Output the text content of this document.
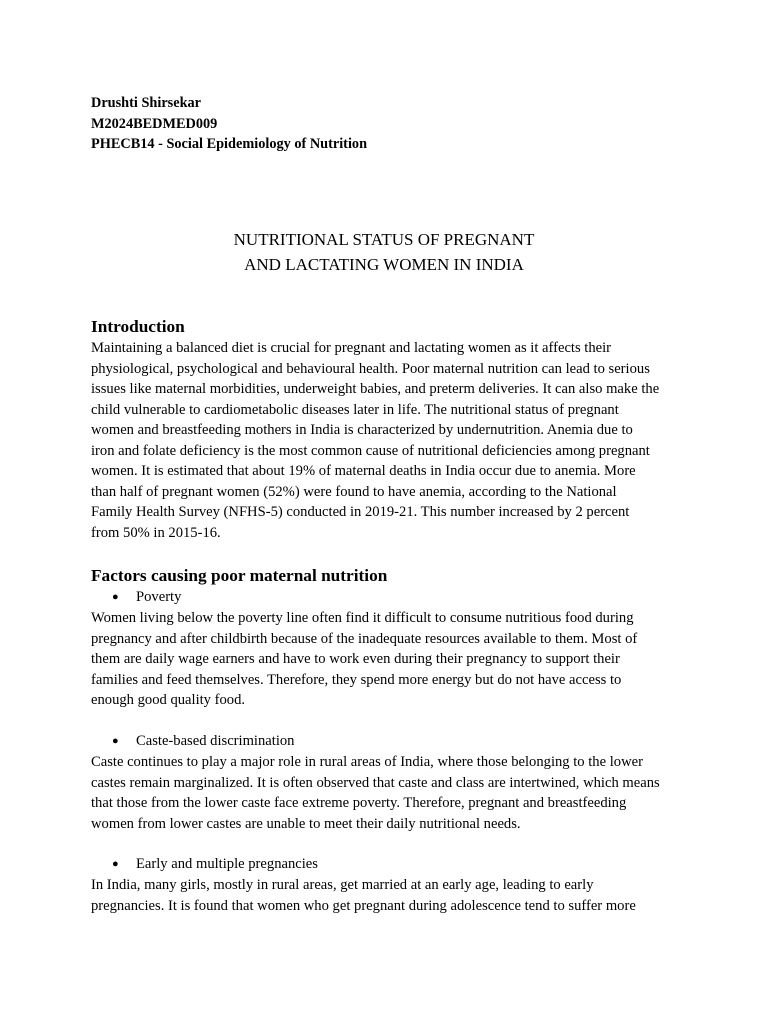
Drushti Shirsekar
M2024BEDMED009
PHECB14 - Social Epidemiology of Nutrition
NUTRITIONAL STATUS OF PREGNANT
AND LACTATING WOMEN IN INDIA
Introduction
Maintaining a balanced diet is crucial for pregnant and lactating women as it affects their
physiological, psychological and behavioural health. Poor maternal nutrition can lead to serious
issues like maternal morbidities, underweight babies, and preterm deliveries. It can also make the
child vulnerable to cardiometabolic diseases later in life. The nutritional status of pregnant
women and breastfeeding mothers in India is characterized by undernutrition. Anemia due to
iron and folate deficiency is the most common cause of nutritional deficiencies among pregnant
women. It is estimated that about 19% of maternal deaths in India occur due to anemia. More
than half of pregnant women (52%) were found to have anemia, according to the National
Family Health Survey (NFHS-5) conducted in 2019-21. This number increased by 2 percent
from 50% in 2015-16.
Factors causing poor maternal nutrition
● Poverty
Women living below the poverty line often find it difficult to consume nutritious food during
pregnancy and after childbirth because of the inadequate resources available to them. Most of
them are daily wage earners and have to work even during their pregnancy to support their
families and feed themselves. Therefore, they spend more energy but do not have access to
enough good quality food.
● Caste-based discrimination
Caste continues to play a major role in rural areas of India, where those belonging to the lower
castes remain marginalized. It is often observed that caste and class are intertwined, which means
that those from the lower caste face extreme poverty. Therefore, pregnant and breastfeeding
women from lower castes are unable to meet their daily nutritional needs.
● Early and multiple pregnancies
In India, many girls, mostly in rural areas, get married at an early age, leading to early
pregnancies. It is found that women who get pregnant during adolescence tend to suffer more
